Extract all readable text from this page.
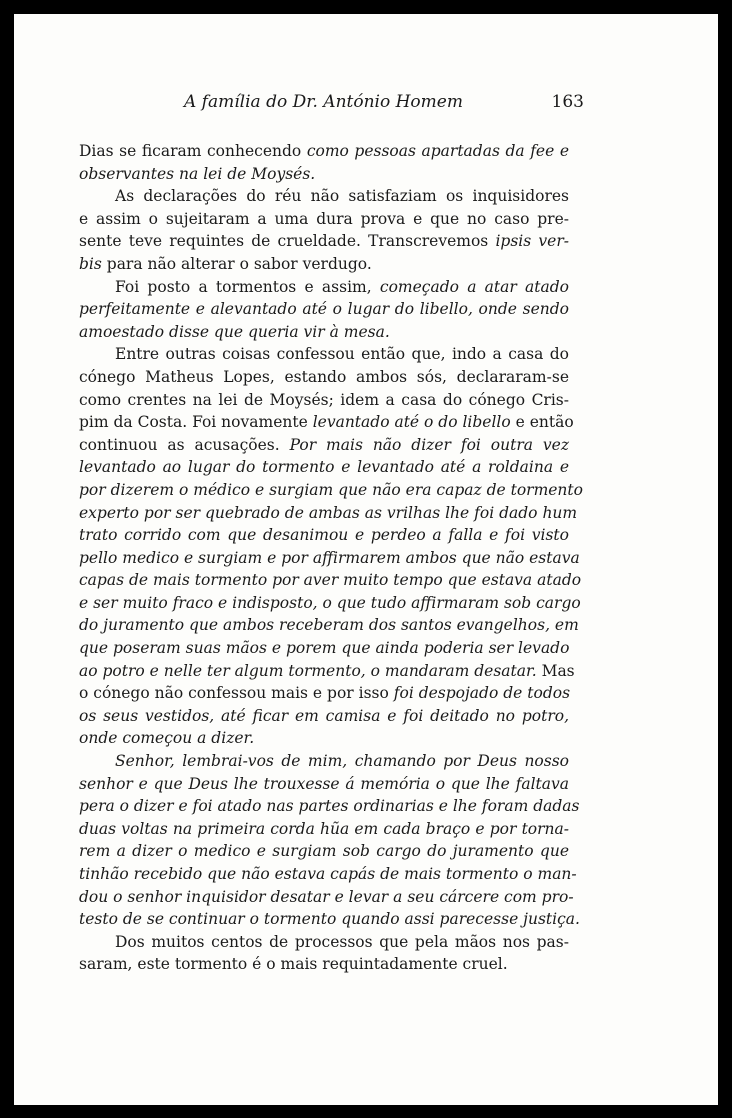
A família do Dr. António Homem	163
Dias se ficaram conhecendo como pessoas apartadas da fee e
observantes na lei de Moysés.
As declarações do réu não satisfaziam os inquisidores
e assim o sujeitaram a uma dura prova e que no caso pre-
sente teve requintes de crueldade. Transcrevemos ipsis ver-
bis para não alterar o sabor verdugo.
Foi posto a tormentos e assim, começado a atar atado
perfeitamente e alevantado até o lugar do libello, onde sendo
amoestado disse que queria vir à mesa.
Entre outras coisas confessou então que, indo a casa do
cónego Matheus Lopes, estando ambos sós, declararam-se
como crentes na lei de Moysés; idem a casa do cónego Cris-
pim da Costa. Foi novamente levantado até o do libello e então
continuou as acusações. Por mais não dizer foi outra vez
levantado ao lugar do tormento e levantado até a roldaina e
por dizerem o médico e surgiam que não era capaz de tormento
experto por ser quebrado de ambas as vrilhas lhe foi dado hum
trato corrido com que desanimou e perdeo a falla e foi visto
pello medico e surgiam e por affirmarem ambos que não estava
capas de mais tormento por aver muito tempo que estava atado
e ser muito fraco e indisposto, o que tudo affirmaram sob cargo
do juramento que ambos receberam dos santos evangelhos, em
que poseram suas mãos e porem que ainda poderia ser levado
ao potro e nelle ter algum tormento, o mandaram desatar. Mas
o cónego não confessou mais e por isso foi despojado de todos
os seus vestidos, até ficar em camisa e foi deitado no potro,
onde começou a dizer.
Senhor, lembrai-vos de mim, chamando por Deus nosso
senhor e que Deus lhe trouxesse á memória o que lhe faltava
pera o dizer e foi atado nas partes ordinarias e lhe foram dadas
duas voltas na primeira corda hũa em cada braço e por torna-
rem a dizer o medico e surgiam sob cargo do juramento que
tinhão recebido que não estava capás de mais tormento o man-
dou o senhor inquisidor desatar e levar a seu cárcere com pro-
testo de se continuar o tormento quando assi parecesse justiça.
Dos muitos centos de processos que pela mãos nos pas-
saram, este tormento é o mais requintadamente cruel.
